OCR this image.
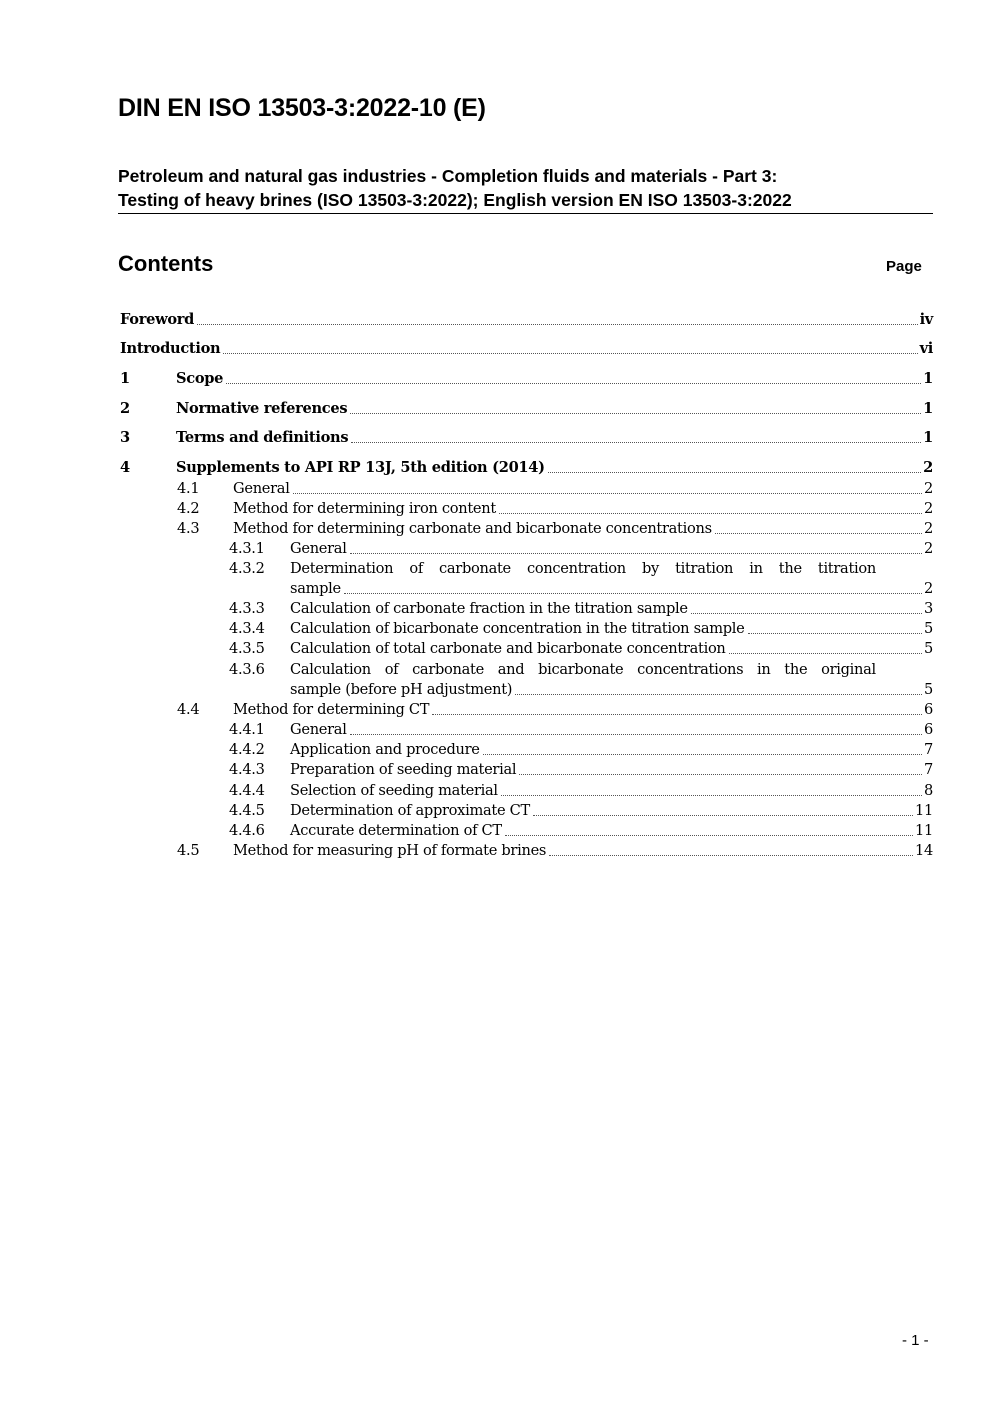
DIN EN ISO 13503-3:2022-10 (E)
Petroleum and natural gas industries - Completion fluids and materials - Part 3:
Testing of heavy brines (ISO 13503-3:2022); English version EN ISO 13503-3:2022
Contents	Page
Foreword	iv
Introduction	vi
1	Scope	1
2	Normative references	1
3	Terms and definitions	1
4	Supplements to API RP 13J, 5th edition (2014)	2
4.1 General	2
4.2 Method for determining iron content	2
4.3 Method for determining carbonate and bicarbonate concentrations	2
4.3.1 General	2
4.3.2 Determination of carbonate concentration by titration in the titration
sample	2
4.3.3 Calculation of carbonate fraction in the titration sample	3
4.3.4 Calculation of bicarbonate concentration in the titration sample	5
4.3.5 Calculation of total carbonate and bicarbonate concentration	5
4.3.6 Calculation of carbonate and bicarbonate concentrations in the original
sample (before pH adjustment)	5
4.4 Method for determining CT	6
4.4.1 General	6
4.4.2 Application and procedure	7
4.4.3 Preparation of seeding material	7
4.4.4 Selection of seeding material	8
4.4.5 Determination of approximate CT	11
4.4.6 Accurate determination of CT	11
4.5 Method for measuring pH of formate brines	14
- 1 -
